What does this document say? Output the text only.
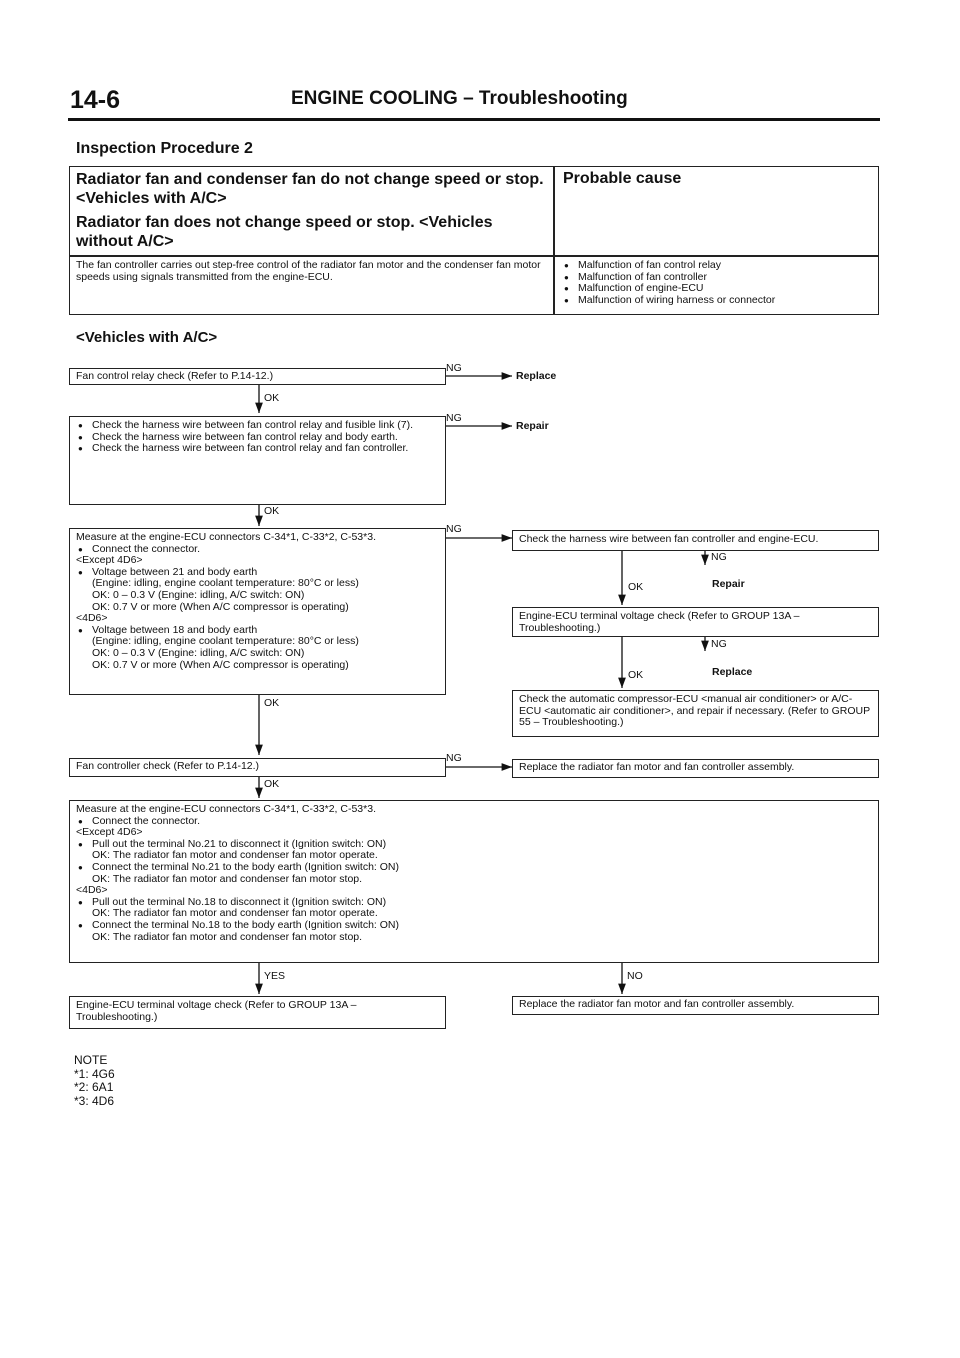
14-6	ENGINE COOLING – Troubleshooting
Inspection Procedure 2

Radiator fan and condenser fan do not change speed or stop. <Vehicles with A/C>

Radiator fan does not change speed or stop. <Vehicles without A/C>

Probable cause
The fan controller carries out step-free control of the radiator fan motor and the condenser fan motor speeds using signals transmitted from the engine-ECU.
● Malfunction of fan control relay
● Malfunction of fan controller
● Malfunction of engine-ECU
● Malfunction of wiring harness or connector
<Vehicles with A/C>
NG
Replace
NG
Repair
NG
NG
OK
OK
OK
OK
YES	NO
Fan control relay check (Refer to P.14-12.)
● Check the harness wire between fan control relay and fusible link (7).
● Check the harness wire between fan control relay and body earth.
● Check the harness wire between fan control relay and fan controller.
Measure at the engine-ECU connectors C-34*1, C-33*2, C-53*3.
● Connect the connector.
<Except 4D6>
● Voltage between 21 and body earth
(Engine: idling, engine coolant temperature: 80°C or less)
OK: 0 – 0.3 V (Engine: idling, A/C switch: ON)
OK: 0.7 V or more (When A/C compressor is operating)
<4D6>
● Voltage between 18 and body earth
(Engine: idling, engine coolant temperature: 80°C or less)
OK: 0 – 0.3 V (Engine: idling, A/C switch: ON)
OK: 0.7 V or more (When A/C compressor is operating)
Fan controller check (Refer to P.14-12.)
Measure at the engine-ECU connectors C-34*1, C-33*2, C-53*3.
● Connect the connector.
<Except 4D6>
● Pull out the terminal No.21 to disconnect it (Ignition switch: ON)
OK: The radiator fan motor and condenser fan motor operate.
● Connect the terminal No.21 to the body earth (Ignition switch: ON)
OK: The radiator fan motor and condenser fan motor stop.
<4D6>
● Pull out the terminal No.18 to disconnect it (Ignition switch: ON)
OK: The radiator fan motor and condenser fan motor operate.
● Connect the terminal No.18 to the body earth (Ignition switch: ON)
OK: The radiator fan motor and condenser fan motor stop.
Engine-ECU terminal voltage check (Refer to GROUP 13A – Troubleshooting.)
Replace the radiator fan motor and fan controller assembly.
Check the harness wire between fan controller and engine-ECU.
NG
OK	Repair
Engine-ECU terminal voltage check (Refer to GROUP 13A – Troubleshooting.)
NG
OK	Replace
Check the automatic compressor-ECU <manual air conditioner> or A/C-ECU <automatic air conditioner>, and repair if necessary. (Refer to GROUP 55 – Troubleshooting.)
Replace the radiator fan motor and fan controller assembly.
NOTE
*1: 4G6
*2: 6A1
*3: 4D6
